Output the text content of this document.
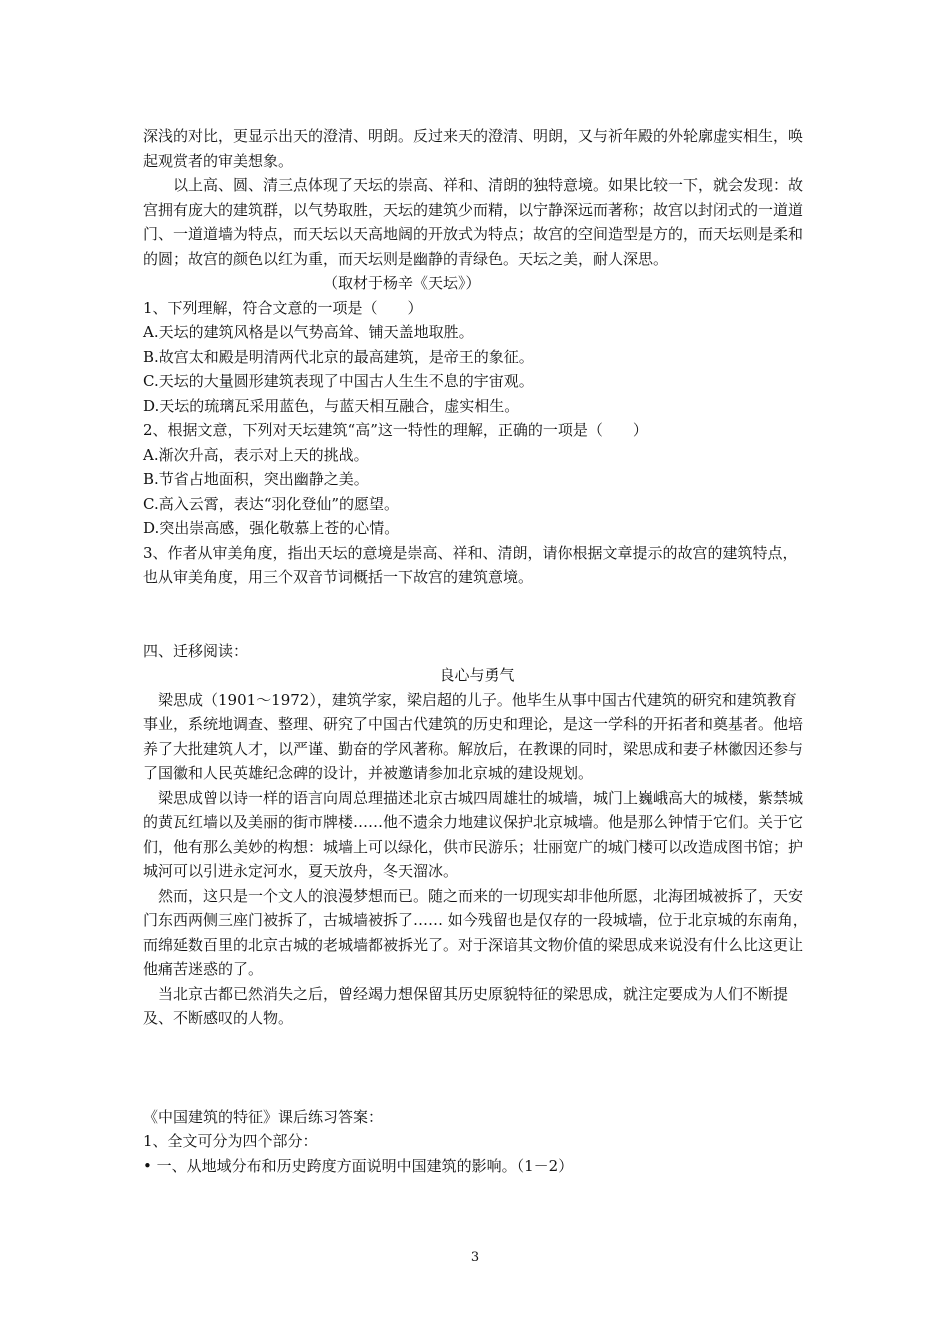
深浅的对比，更显示出天的澄清、明朗。反过来天的澄清、明朗，又与祈年殿的外轮廓虚实相生，唤起观赏者的审美想象。

以上高、圆、清三点体现了天坛的崇高、祥和、清朗的独特意境。如果比较一下，就会发现：故宫拥有庞大的建筑群，以气势取胜，天坛的建筑少而精，以宁静深远而著称；故宫以封闭式的一道道门、一道道墙为特点，而天坛以天高地阔的开放式为特点；故宫的空间造型是方的，而天坛则是柔和的圆；故宫的颜色以红为重，而天坛则是幽静的青绿色。天坛之美，耐人深思。

（取材于杨辛《天坛》）

1、下列理解，符合文意的一项是（　　）

A.天坛的建筑风格是以气势高耸、铺天盖地取胜。

B.故宫太和殿是明清两代北京的最高建筑，是帝王的象征。

C.天坛的大量圆形建筑表现了中国古人生生不息的宇宙观。

D.天坛的琉璃瓦采用蓝色，与蓝天相互融合，虚实相生。

2、根据文意，下列对天坛建筑“高”这一特性的理解，正确的一项是（　　）

A.渐次升高，表示对上天的挑战。

B.节省占地面积，突出幽静之美。

C.高入云霄，表达“羽化登仙”的愿望。

D.突出崇高感，强化敬慕上苍的心情。

3、作者从审美角度，指出天坛的意境是崇高、祥和、清朗，请你根据文章提示的故宫的建筑特点，也从审美角度，用三个双音节词概括一下故宫的建筑意境。

四、迁移阅读：

良心与勇气

梁思成（1901～1972），建筑学家，梁启超的儿子。他毕生从事中国古代建筑的研究和建筑教育事业，系统地调查、整理、研究了中国古代建筑的历史和理论，是这一学科的开拓者和奠基者。他培养了大批建筑人才，以严谨、勤奋的学风著称。解放后，在教课的同时，梁思成和妻子林徽因还参与了国徽和人民英雄纪念碑的设计，并被邀请参加北京城的建设规划。

梁思成曾以诗一样的语言向周总理描述北京古城四周雄壮的城墙，城门上巍峨高大的城楼，紫禁城的黄瓦红墙以及美丽的街市牌楼……他不遗余力地建议保护北京城墙。他是那么钟情于它们。关于它们，他有那么美妙的构想：城墙上可以绿化，供市民游乐；壮丽宽广的城门楼可以改造成图书馆；护城河可以引进永定河水，夏天放舟，冬天溜冰。

然而，这只是一个文人的浪漫梦想而已。随之而来的一切现实却非他所愿，北海团城被拆了，天安门东西两侧三座门被拆了，古城墙被拆了…… 如今残留也是仅存的一段城墙，位于北京城的东南角，而绵延数百里的北京古城的老城墙都被拆光了。对于深谙其文物价值的梁思成来说没有什么比这更让他痛苦迷惑的了。

当北京古都已然消失之后，曾经竭力想保留其历史原貌特征的梁思成，就注定要成为人们不断提及、不断感叹的人物。

《中国建筑的特征》课后练习答案：

1、全文可分为四个部分：

• 一、从地域分布和历史跨度方面说明中国建筑的影响。（1－2）

3
